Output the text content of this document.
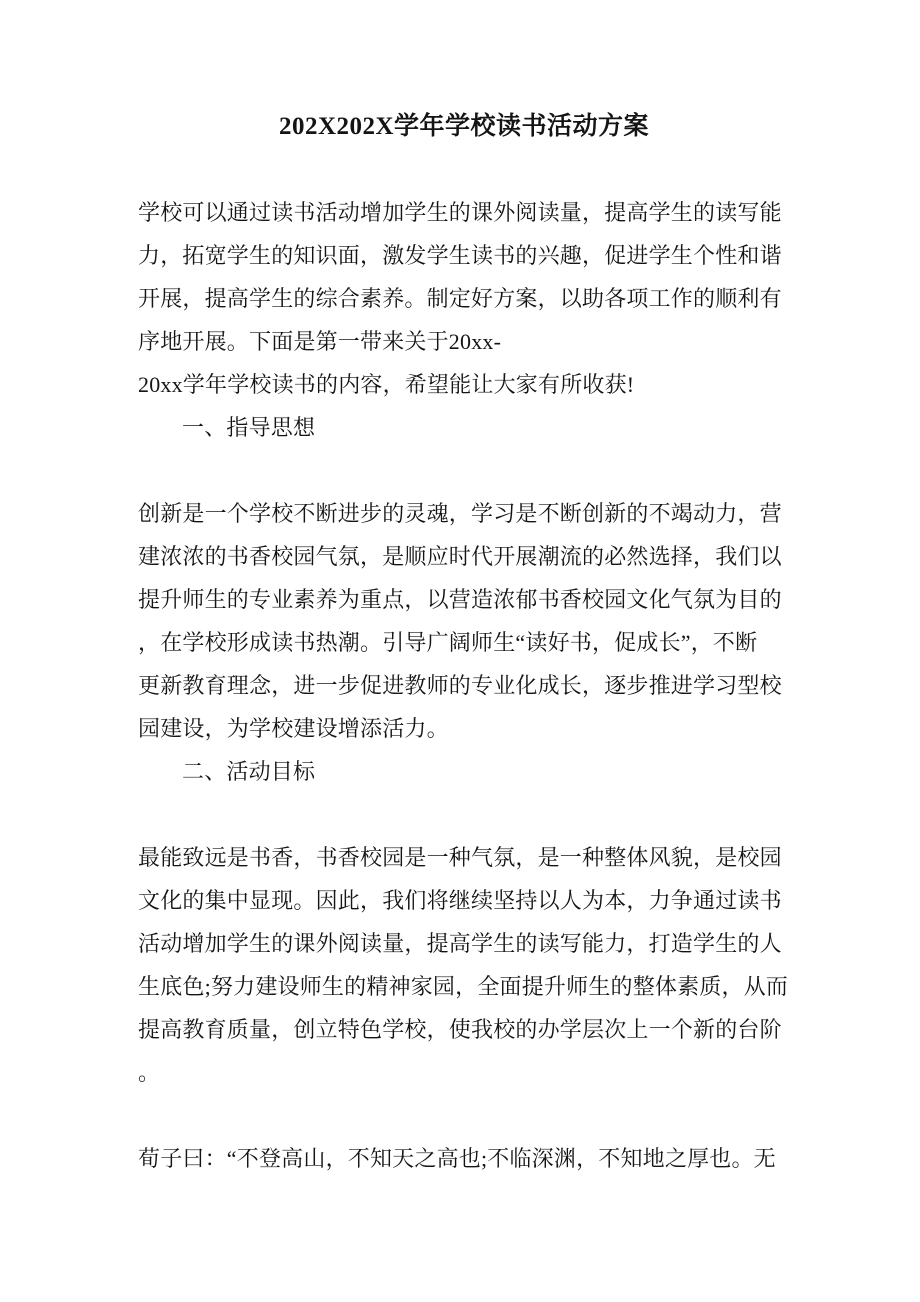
202X202X学年学校读书活动方案
学校可以通过读书活动增加学生的课外阅读量，提高学生的读写能
力，拓宽学生的知识面，激发学生读书的兴趣，促进学生个性和谐
开展，提高学生的综合素养。制定好方案，以助各项工作的顺利有
序地开展。下面是第一带来关于20xx-
20xx学年学校读书的内容，希望能让大家有所收获!
一、指导思想
创新是一个学校不断进步的灵魂，学习是不断创新的不竭动力，营
建浓浓的书香校园气氛，是顺应时代开展潮流的必然选择，我们以
提升师生的专业素养为重点，以营造浓郁书香校园文化气氛为目的
，在学校形成读书热潮。引导广阔师生“读好书，促成长”，不断
更新教育理念，进一步促进教师的专业化成长，逐步推进学习型校
园建设，为学校建设增添活力。
二、活动目标
最能致远是书香，书香校园是一种气氛，是一种整体风貌，是校园
文化的集中显现。因此，我们将继续坚持以人为本，力争通过读书
活动增加学生的课外阅读量，提高学生的读写能力，打造学生的人
生底色;努力建设师生的精神家园，全面提升师生的整体素质，从而
提高教育质量，创立特色学校，使我校的办学层次上一个新的台阶
。
荀子曰：“不登高山，不知天之高也;不临深渊，不知地之厚也。无
